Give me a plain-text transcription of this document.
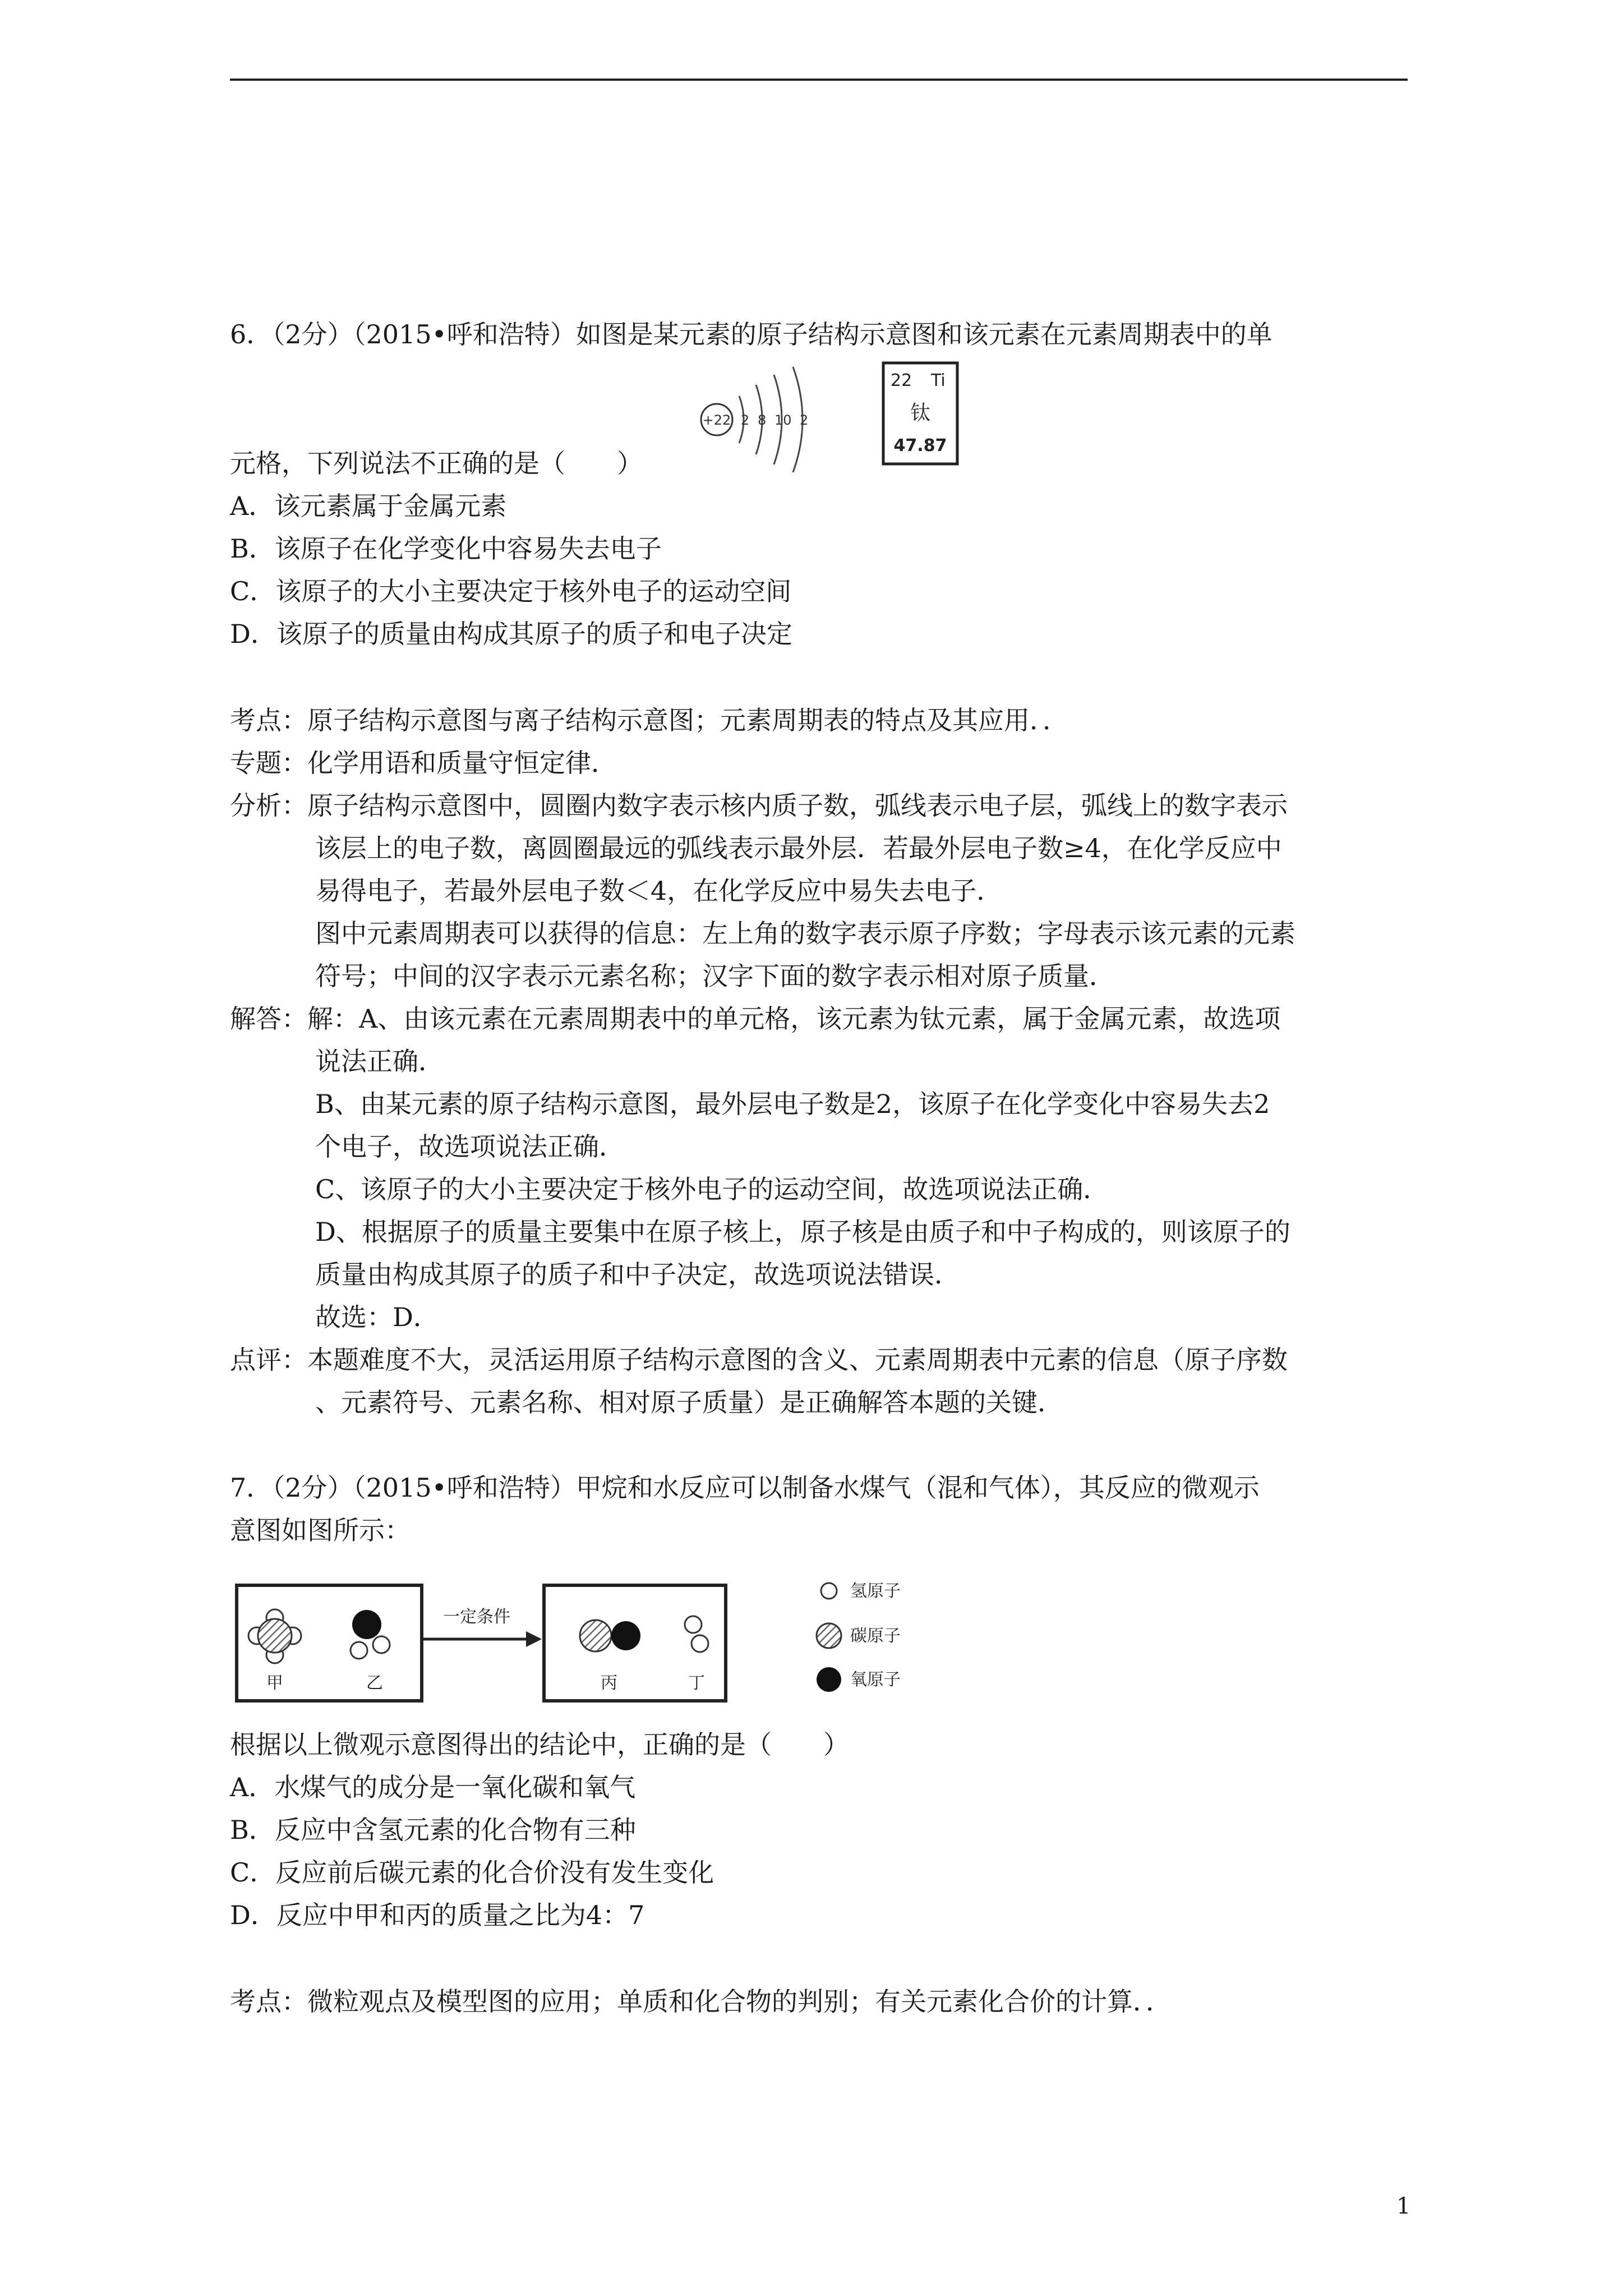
6．（2分）（2015•呼和浩特）如图是某元素的原子结构示意图和该元素在元素周期表中的单
+22 2 8 10 2
22 Ti
钛
47.87
元格，下列说法不正确的是（　　）
A．该元素属于金属元素
B．该原子在化学变化中容易失去电子
C．该原子的大小主要决定于核外电子的运动空间
D．该原子的质量由构成其原子的质子和电子决定
考点：原子结构示意图与离子结构示意图；元素周期表的特点及其应用．．
专题：化学用语和质量守恒定律．
分析：原子结构示意图中，圆圈内数字表示核内质子数，弧线表示电子层，弧线上的数字表示
该层上的电子数，离圆圈最远的弧线表示最外层．若最外层电子数≥4，在化学反应中
易得电子，若最外层电子数＜4，在化学反应中易失去电子．
图中元素周期表可以获得的信息：左上角的数字表示原子序数；字母表示该元素的元素
符号；中间的汉字表示元素名称；汉字下面的数字表示相对原子质量．
解答：解：A、由该元素在元素周期表中的单元格，该元素为钛元素，属于金属元素，故选项
说法正确．
B、由某元素的原子结构示意图，最外层电子数是2，该原子在化学变化中容易失去2
个电子，故选项说法正确．
C、该原子的大小主要决定于核外电子的运动空间，故选项说法正确．
D、根据原子的质量主要集中在原子核上，原子核是由质子和中子构成的，则该原子的
质量由构成其原子的质子和中子决定，故选项说法错误．
故选：D．
点评：本题难度不大，灵活运用原子结构示意图的含义、元素周期表中元素的信息（原子序数
、元素符号、元素名称、相对原子质量）是正确解答本题的关键．
7．（2分）（2015•呼和浩特）甲烷和水反应可以制备水煤气（混和气体），其反应的微观示
意图如图所示：
甲	乙
一定条件
丙	丁
氢原子
碳原子
氧原子
根据以上微观示意图得出的结论中，正确的是（　　）
A．水煤气的成分是一氧化碳和氧气
B．反应中含氢元素的化合物有三种
C．反应前后碳元素的化合价没有发生变化
D．反应中甲和丙的质量之比为4：7
考点：微粒观点及模型图的应用；单质和化合物的判别；有关元素化合价的计算．．
1
